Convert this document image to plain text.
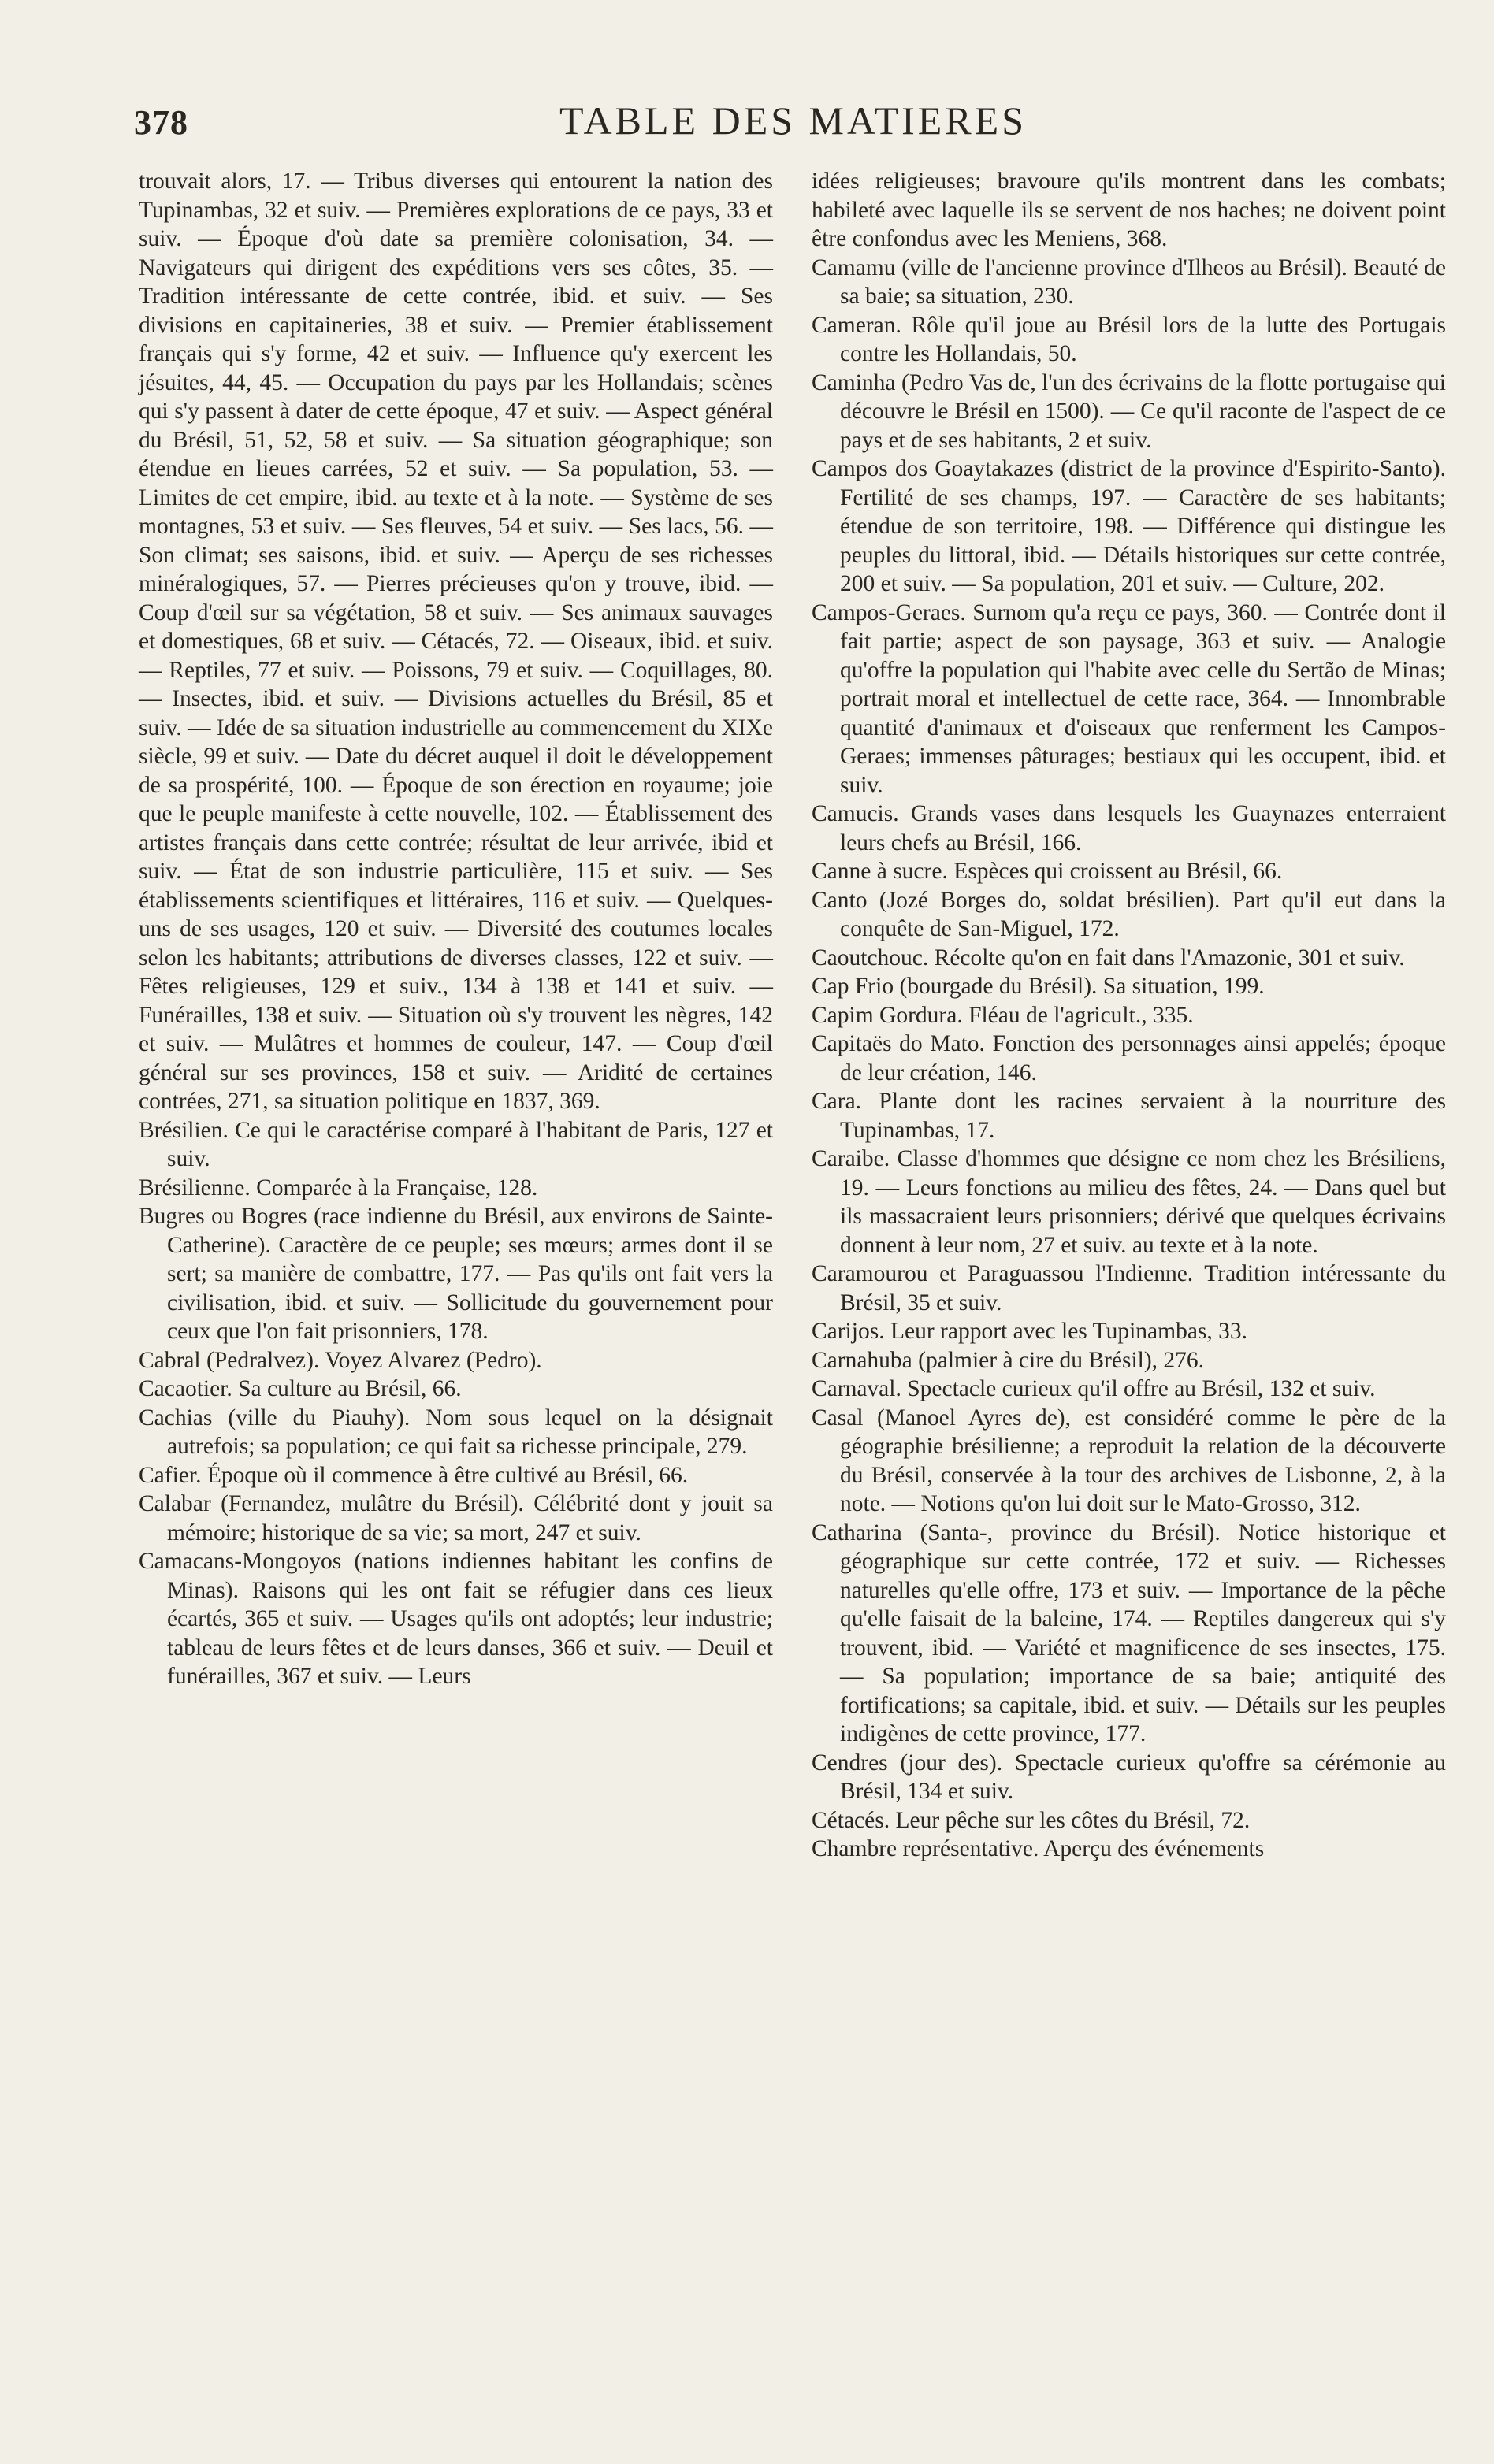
378	TABLE DES MATIERES

trouvait alors, 17. — Tribus diverses qui entourent la nation des Tupinambas, 32 et suiv. — Premières explorations de ce pays, 33 et suiv. — Époque d'où date sa première colonisation, 34. — Navigateurs qui dirigent des expéditions vers ses côtes, 35. — Tradition intéressante de cette contrée, ibid. et suiv. — Ses divisions en capitaineries, 38 et suiv. — Premier établissement français qui s'y forme, 42 et suiv. — Influence qu'y exercent les jésuites, 44, 45. — Occupation du pays par les Hollandais; scènes qui s'y passent à dater de cette époque, 47 et suiv. — Aspect général du Brésil, 51, 52, 58 et suiv. — Sa situation géographique; son étendue en lieues carrées, 52 et suiv. — Sa population, 53. — Limites de cet empire, ibid. au texte et à la note. — Système de ses montagnes, 53 et suiv. — Ses fleuves, 54 et suiv. — Ses lacs, 56. — Son climat; ses saisons, ibid. et suiv. — Aperçu de ses richesses minéralogiques, 57. — Pierres précieuses qu'on y trouve, ibid. — Coup d'œil sur sa végétation, 58 et suiv. — Ses animaux sauvages et domestiques, 68 et suiv. — Cétacés, 72. — Oiseaux, ibid. et suiv. — Reptiles, 77 et suiv. — Poissons, 79 et suiv. — Coquillages, 80. — Insectes, ibid. et suiv. — Divisions actuelles du Brésil, 85 et suiv. — Idée de sa situation industrielle au commencement du XIXe siècle, 99 et suiv. — Date du décret auquel il doit le développement de sa prospérité, 100. — Époque de son érection en royaume; joie que le peuple manifeste à cette nouvelle, 102. — Établissement des artistes français dans cette contrée; résultat de leur arrivée, ibid et suiv. — État de son industrie particulière, 115 et suiv. — Ses établissements scientifiques et littéraires, 116 et suiv. — Quelques-uns de ses usages, 120 et suiv. — Diversité des coutumes locales selon les habitants; attributions de diverses classes, 122 et suiv. — Fêtes religieuses, 129 et suiv., 134 à 138 et 141 et suiv. — Funérailles, 138 et suiv. — Situation où s'y trouvent les nègres, 142 et suiv. — Mulâtres et hommes de couleur, 147. — Coup d'œil général sur ses provinces, 158 et suiv. — Aridité de certaines contrées, 271, sa situation politique en 1837, 369.

Brésilien. Ce qui le caractérise comparé à l'habitant de Paris, 127 et suiv.

Brésilienne. Comparée à la Française, 128.

Bugres ou Bogres (race indienne du Brésil, aux environs de Sainte-Catherine). Caractère de ce peuple; ses mœurs; armes dont il se sert; sa manière de combattre, 177. — Pas qu'ils ont fait vers la civilisation, ibid. et suiv. — Sollicitude du gouvernement pour ceux que l'on fait prisonniers, 178.

Cabral (Pedralvez). Voyez Alvarez (Pedro).

Cacaotier. Sa culture au Brésil, 66.

Cachias (ville du Piauhy). Nom sous lequel on la désignait autrefois; sa population; ce qui fait sa richesse principale, 279.

Cafier. Époque où il commence à être cultivé au Brésil, 66.

Calabar (Fernandez, mulâtre du Brésil). Célébrité dont y jouit sa mémoire; historique de sa vie; sa mort, 247 et suiv.

Camacans-Mongoyos (nations indiennes habitant les confins de Minas). Raisons qui les ont fait se réfugier dans ces lieux écartés, 365 et suiv. — Usages qu'ils ont adoptés; leur industrie; tableau de leurs fêtes et de leurs danses, 366 et suiv. — Deuil et funérailles, 367 et suiv. — Leurs

idées religieuses; bravoure qu'ils montrent dans les combats; habileté avec laquelle ils se servent de nos haches; ne doivent point être confondus avec les Meniens, 368.

Camamu (ville de l'ancienne province d'Ilheos au Brésil). Beauté de sa baie; sa situation, 230.

Cameran. Rôle qu'il joue au Brésil lors de la lutte des Portugais contre les Hollandais, 50.

Caminha (Pedro Vas de, l'un des écrivains de la flotte portugaise qui découvre le Brésil en 1500). — Ce qu'il raconte de l'aspect de ce pays et de ses habitants, 2 et suiv.

Campos dos Goaytakazes (district de la province d'Espirito-Santo). Fertilité de ses champs, 197. — Caractère de ses habitants; étendue de son territoire, 198. — Différence qui distingue les peuples du littoral, ibid. — Détails historiques sur cette contrée, 200 et suiv. — Sa population, 201 et suiv. — Culture, 202.

Campos-Geraes. Surnom qu'a reçu ce pays, 360. — Contrée dont il fait partie; aspect de son paysage, 363 et suiv. — Analogie qu'offre la population qui l'habite avec celle du Sertão de Minas; portrait moral et intellectuel de cette race, 364. — Innombrable quantité d'animaux et d'oiseaux que renferment les Campos-Geraes; immenses pâturages; bestiaux qui les occupent, ibid. et suiv.

Camucis. Grands vases dans lesquels les Guaynazes enterraient leurs chefs au Brésil, 166.

Canne à sucre. Espèces qui croissent au Brésil, 66.

Canto (Jozé Borges do, soldat brésilien). Part qu'il eut dans la conquête de San-Miguel, 172.

Caoutchouc. Récolte qu'on en fait dans l'Amazonie, 301 et suiv.

Cap Frio (bourgade du Brésil). Sa situation, 199.

Capim Gordura. Fléau de l'agricult., 335.

Capitaës do Mato. Fonction des personnages ainsi appelés; époque de leur création, 146.

Cara. Plante dont les racines servaient à la nourriture des Tupinambas, 17.

Caraibe. Classe d'hommes que désigne ce nom chez les Brésiliens, 19. — Leurs fonctions au milieu des fêtes, 24. — Dans quel but ils massacraient leurs prisonniers; dérivé que quelques écrivains donnent à leur nom, 27 et suiv. au texte et à la note.

Caramourou et Paraguassou l'Indienne. Tradition intéressante du Brésil, 35 et suiv.

Carijos. Leur rapport avec les Tupinambas, 33.

Carnahuba (palmier à cire du Brésil), 276.

Carnaval. Spectacle curieux qu'il offre au Brésil, 132 et suiv.

Casal (Manoel Ayres de), est considéré comme le père de la géographie brésilienne; a reproduit la relation de la découverte du Brésil, conservée à la tour des archives de Lisbonne, 2, à la note. — Notions qu'on lui doit sur le Mato-Grosso, 312.

Catharina (Santa-, province du Brésil). Notice historique et géographique sur cette contrée, 172 et suiv. — Richesses naturelles qu'elle offre, 173 et suiv. — Importance de la pêche qu'elle faisait de la baleine, 174. — Reptiles dangereux qui s'y trouvent, ibid. — Variété et magnificence de ses insectes, 175. — Sa population; importance de sa baie; antiquité des fortifications; sa capitale, ibid. et suiv. — Détails sur les peuples indigènes de cette province, 177.

Cendres (jour des). Spectacle curieux qu'offre sa cérémonie au Brésil, 134 et suiv.

Cétacés. Leur pêche sur les côtes du Brésil, 72.

Chambre représentative. Aperçu des événements
